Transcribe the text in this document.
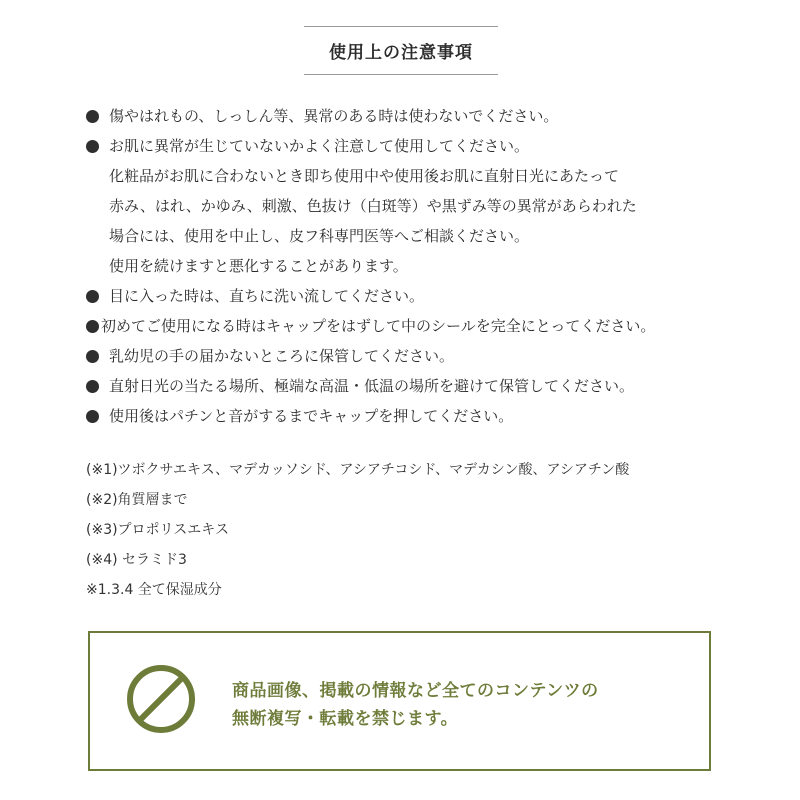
使用上の注意事項
傷やはれもの、しっしん等、異常のある時は使わないでください。
お肌に異常が生じていないかよく注意して使用してください。
化粧品がお肌に合わないとき即ち使用中や使用後お肌に直射日光にあたって
赤み、はれ、かゆみ、刺激、色抜け（白斑等）や黒ずみ等の異常があらわれた
場合には、使用を中止し、皮フ科専門医等へご相談ください。
使用を続けますと悪化することがあります。
目に入った時は、直ちに洗い流してください。
初めてご使用になる時はキャップをはずして中のシールを完全にとってください。
乳幼児の手の届かないところに保管してください。
直射日光の当たる場所、極端な高温・低温の場所を避けて保管してください。
使用後はパチンと音がするまでキャップを押してください。
(※1)ツボクサエキス、マデカッソシド、アシアチコシド、マデカシン酸、アシアチン酸
(※2)角質層まで
(※3)プロポリスエキス
(※4) セラミド3
※1.3.4 全て保湿成分
商品画像、掲載の情報など全てのコンテンツの
無断複写・転載を禁じます。
